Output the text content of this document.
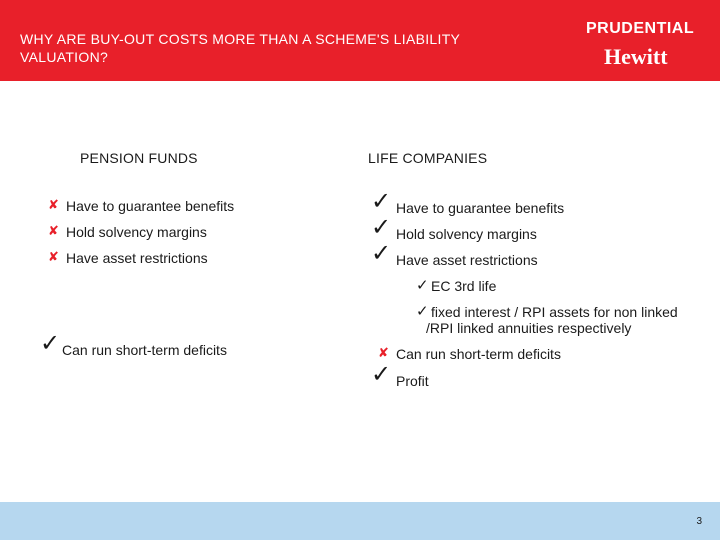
WHY ARE BUY-OUT COSTS MORE THAN A SCHEME'S LIABILITY VALUATION?
PRUDENTIAL
Hewitt
PENSION FUNDS
✘ Have to guarantee benefits
✘ Hold solvency margins
✘ Have asset restrictions
✓ Can run short-term deficits
LIFE COMPANIES
✓ Have to guarantee benefits
✓ Hold solvency margins
✓ Have asset restrictions
✓ EC 3rd life
✓ fixed interest / RPI assets for non linked
/RPI linked annuities respectively
✘ Can run short-term deficits
✓ Profit
3
